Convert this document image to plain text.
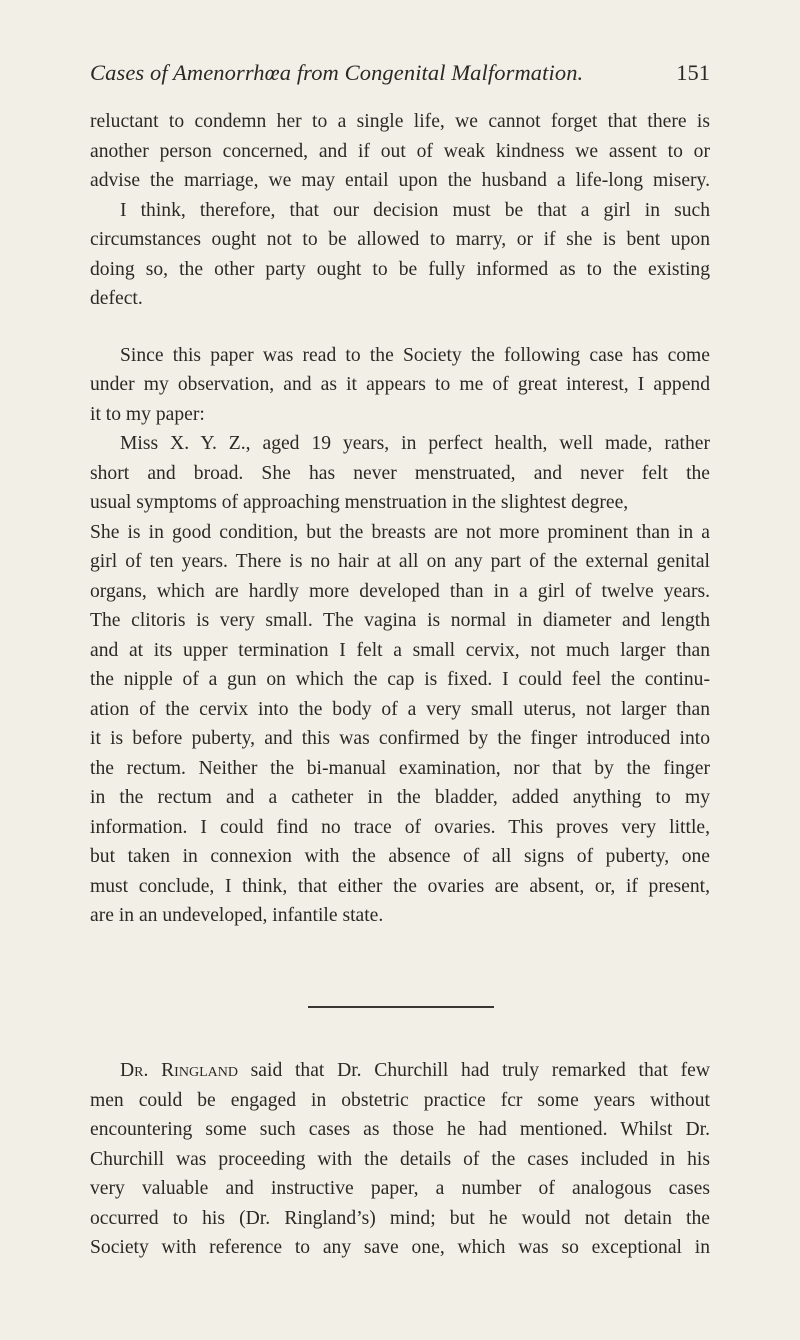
Cases of Amenorrhœa from Congenital Malformation.	151
reluctant to condemn her to a single life, we cannot forget that there is
another person concerned, and if out of weak kindness we assent to or
advise the marriage, we may entail upon the husband a life-long misery.
I think, therefore, that our decision must be that a girl in such
circumstances ought not to be allowed to marry, or if she is bent upon
doing so, the other party ought to be fully informed as to the existing
defect.
Since this paper was read to the Society the following case has come
under my observation, and as it appears to me of great interest, I append
it to my paper:
Miss X. Y. Z., aged 19 years, in perfect health, well made, rather
short and broad. She has never menstruated, and never felt the
usual symptoms of approaching menstruation in the slightest degree,
She is in good condition, but the breasts are not more prominent than in a
girl of ten years. There is no hair at all on any part of the external genital
organs, which are hardly more developed than in a girl of twelve years.
The clitoris is very small. The vagina is normal in diameter and length
and at its upper termination I felt a small cervix, not much larger than
the nipple of a gun on which the cap is fixed. I could feel the continu-
ation of the cervix into the body of a very small uterus, not larger than
it is before puberty, and this was confirmed by the finger introduced into
the rectum. Neither the bi-manual examination, nor that by the finger
in the rectum and a catheter in the bladder, added anything to my
information. I could find no trace of ovaries. This proves very little,
but taken in connexion with the absence of all signs of puberty, one
must conclude, I think, that either the ovaries are absent, or, if present,
are in an undeveloped, infantile state.
Dr. Ringland said that Dr. Churchill had truly remarked that few
men could be engaged in obstetric practice fcr some years without
encountering some such cases as those he had mentioned. Whilst Dr.
Churchill was proceeding with the details of the cases included in his
very valuable and instructive paper, a number of analogous cases
occurred to his (Dr. Ringland’s) mind; but he would not detain the
Society with reference to any save one, which was so exceptional in
